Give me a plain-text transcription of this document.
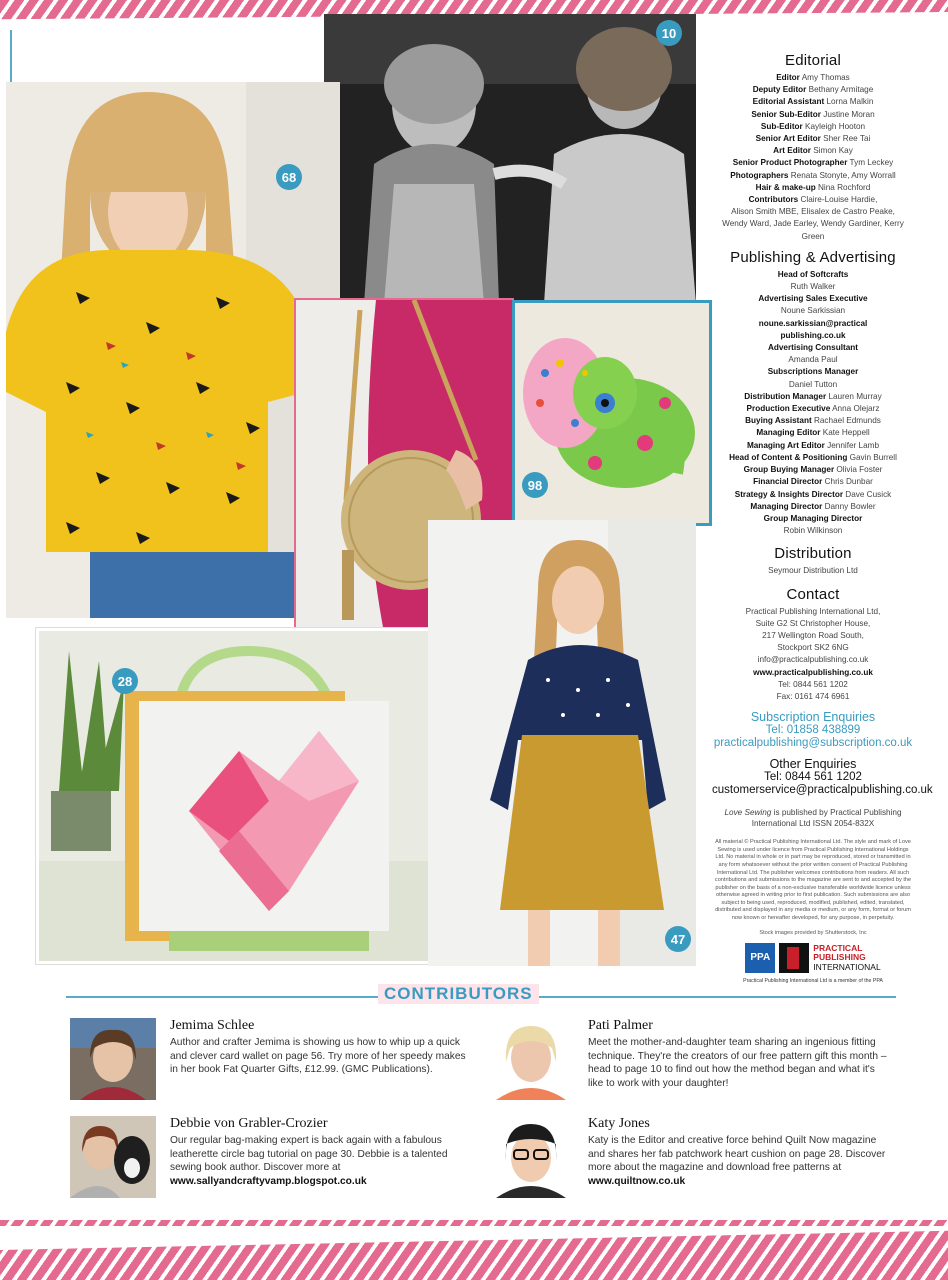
10
68
98
28
47
Editorial
Editor Amy Thomas
Deputy Editor Bethany Armitage
Editorial Assistant Lorna Malkin
Senior Sub-Editor Justine Moran
Sub-Editor Kayleigh Hooton
Senior Art Editor Sher Ree Tai
Art Editor Simon Kay
Senior Product Photographer Tym Leckey
Photographers Renata Stonyte, Amy Worrall
Hair & make-up Nina Rochford
Contributors Claire-Louise Hardie,
Alison Smith MBE, Elisalex de Castro Peake,
Wendy Ward, Jade Earley, Wendy Gardiner, Kerry Green
Publishing & Advertising
Head of Softcrafts
Ruth Walker
Advertising Sales Executive
Noune Sarkissian
noune.sarkissian@practical
publishing.co.uk
Advertising Consultant
Amanda Paul
Subscriptions Manager
Daniel Tutton
Distribution Manager Lauren Murray
Production Executive Anna Olejarz
Buying Assistant Rachael Edmunds
Managing Editor Kate Heppell
Managing Art Editor Jennifer Lamb
Head of Content & Positioning Gavin Burrell
Group Buying Manager Olivia Foster
Financial Director Chris Dunbar
Strategy & Insights Director Dave Cusick
Managing Director Danny Bowler
Group Managing Director
Robin Wilkinson
Distribution
Seymour Distribution Ltd
Contact
Practical Publishing International Ltd,
Suite G2 St Christopher House,
217 Wellington Road South,
Stockport SK2 6NG
info@practicalpublishing.co.uk
www.practicalpublishing.co.uk
Tel: 0844 561 1202
Fax: 0161 474 6961
Subscription Enquiries
Tel: 01858 438899
practicalpublishing@subscription.co.uk
Other Enquiries
Tel: 0844 561 1202
customerservice@practicalpublishing.co.uk
Love Sewing is published by Practical Publishing International Ltd ISSN 2054-832X
All material © Practical Publishing International Ltd. The style and mark of Love Sewing is used under licence from Practical Publishing International Holdings Ltd. No material in whole or in part may be reproduced, stored or transmitted in any form whatsoever without the prior written consent of Practical Publishing International Ltd. The publisher welcomes contributions from readers. All such contributions and submissions to the magazine are sent to and accepted by the publisher on the basis of a non-exclusive transferable worldwide licence unless otherwise agreed in writing prior to first publication. Such submissions are also subject to being used, reproduced, modified, published, edited, translated, distributed and displayed in any media or medium, or any form, format or forum now known or hereafter developed, for any purpose, in perpetuity.
Stock images provided by Shutterstock, Inc
PPA
PRACTICAL
PUBLISHING
INTERNATIONAL
Practical Publishing International Ltd is a member of the PPA
CONTRIBUTORS
Jemima Schlee
Author and crafter Jemima is showing us how to whip up a quick and clever card wallet on page 56. Try more of her speedy makes in her book Fat Quarter Gifts, £12.99. (GMC Publications).
Pati Palmer
Meet the mother-and-daughter team sharing an ingenious fitting technique. They're the creators of our free pattern gift this month – head to page 10 to find out how the method began and what it's like to work with your daughter!
Debbie von Grabler-Crozier
Our regular bag-making expert is back again with a fabulous leatherette circle bag tutorial on page 30. Debbie is a talented sewing book author. Discover more at www.sallyandcraftyvamp.blogspot.co.uk
Katy Jones
Katy is the Editor and creative force behind Quilt Now magazine and shares her fab patchwork heart cushion on page 28. Discover more about the magazine and download free patterns at www.quiltnow.co.uk
